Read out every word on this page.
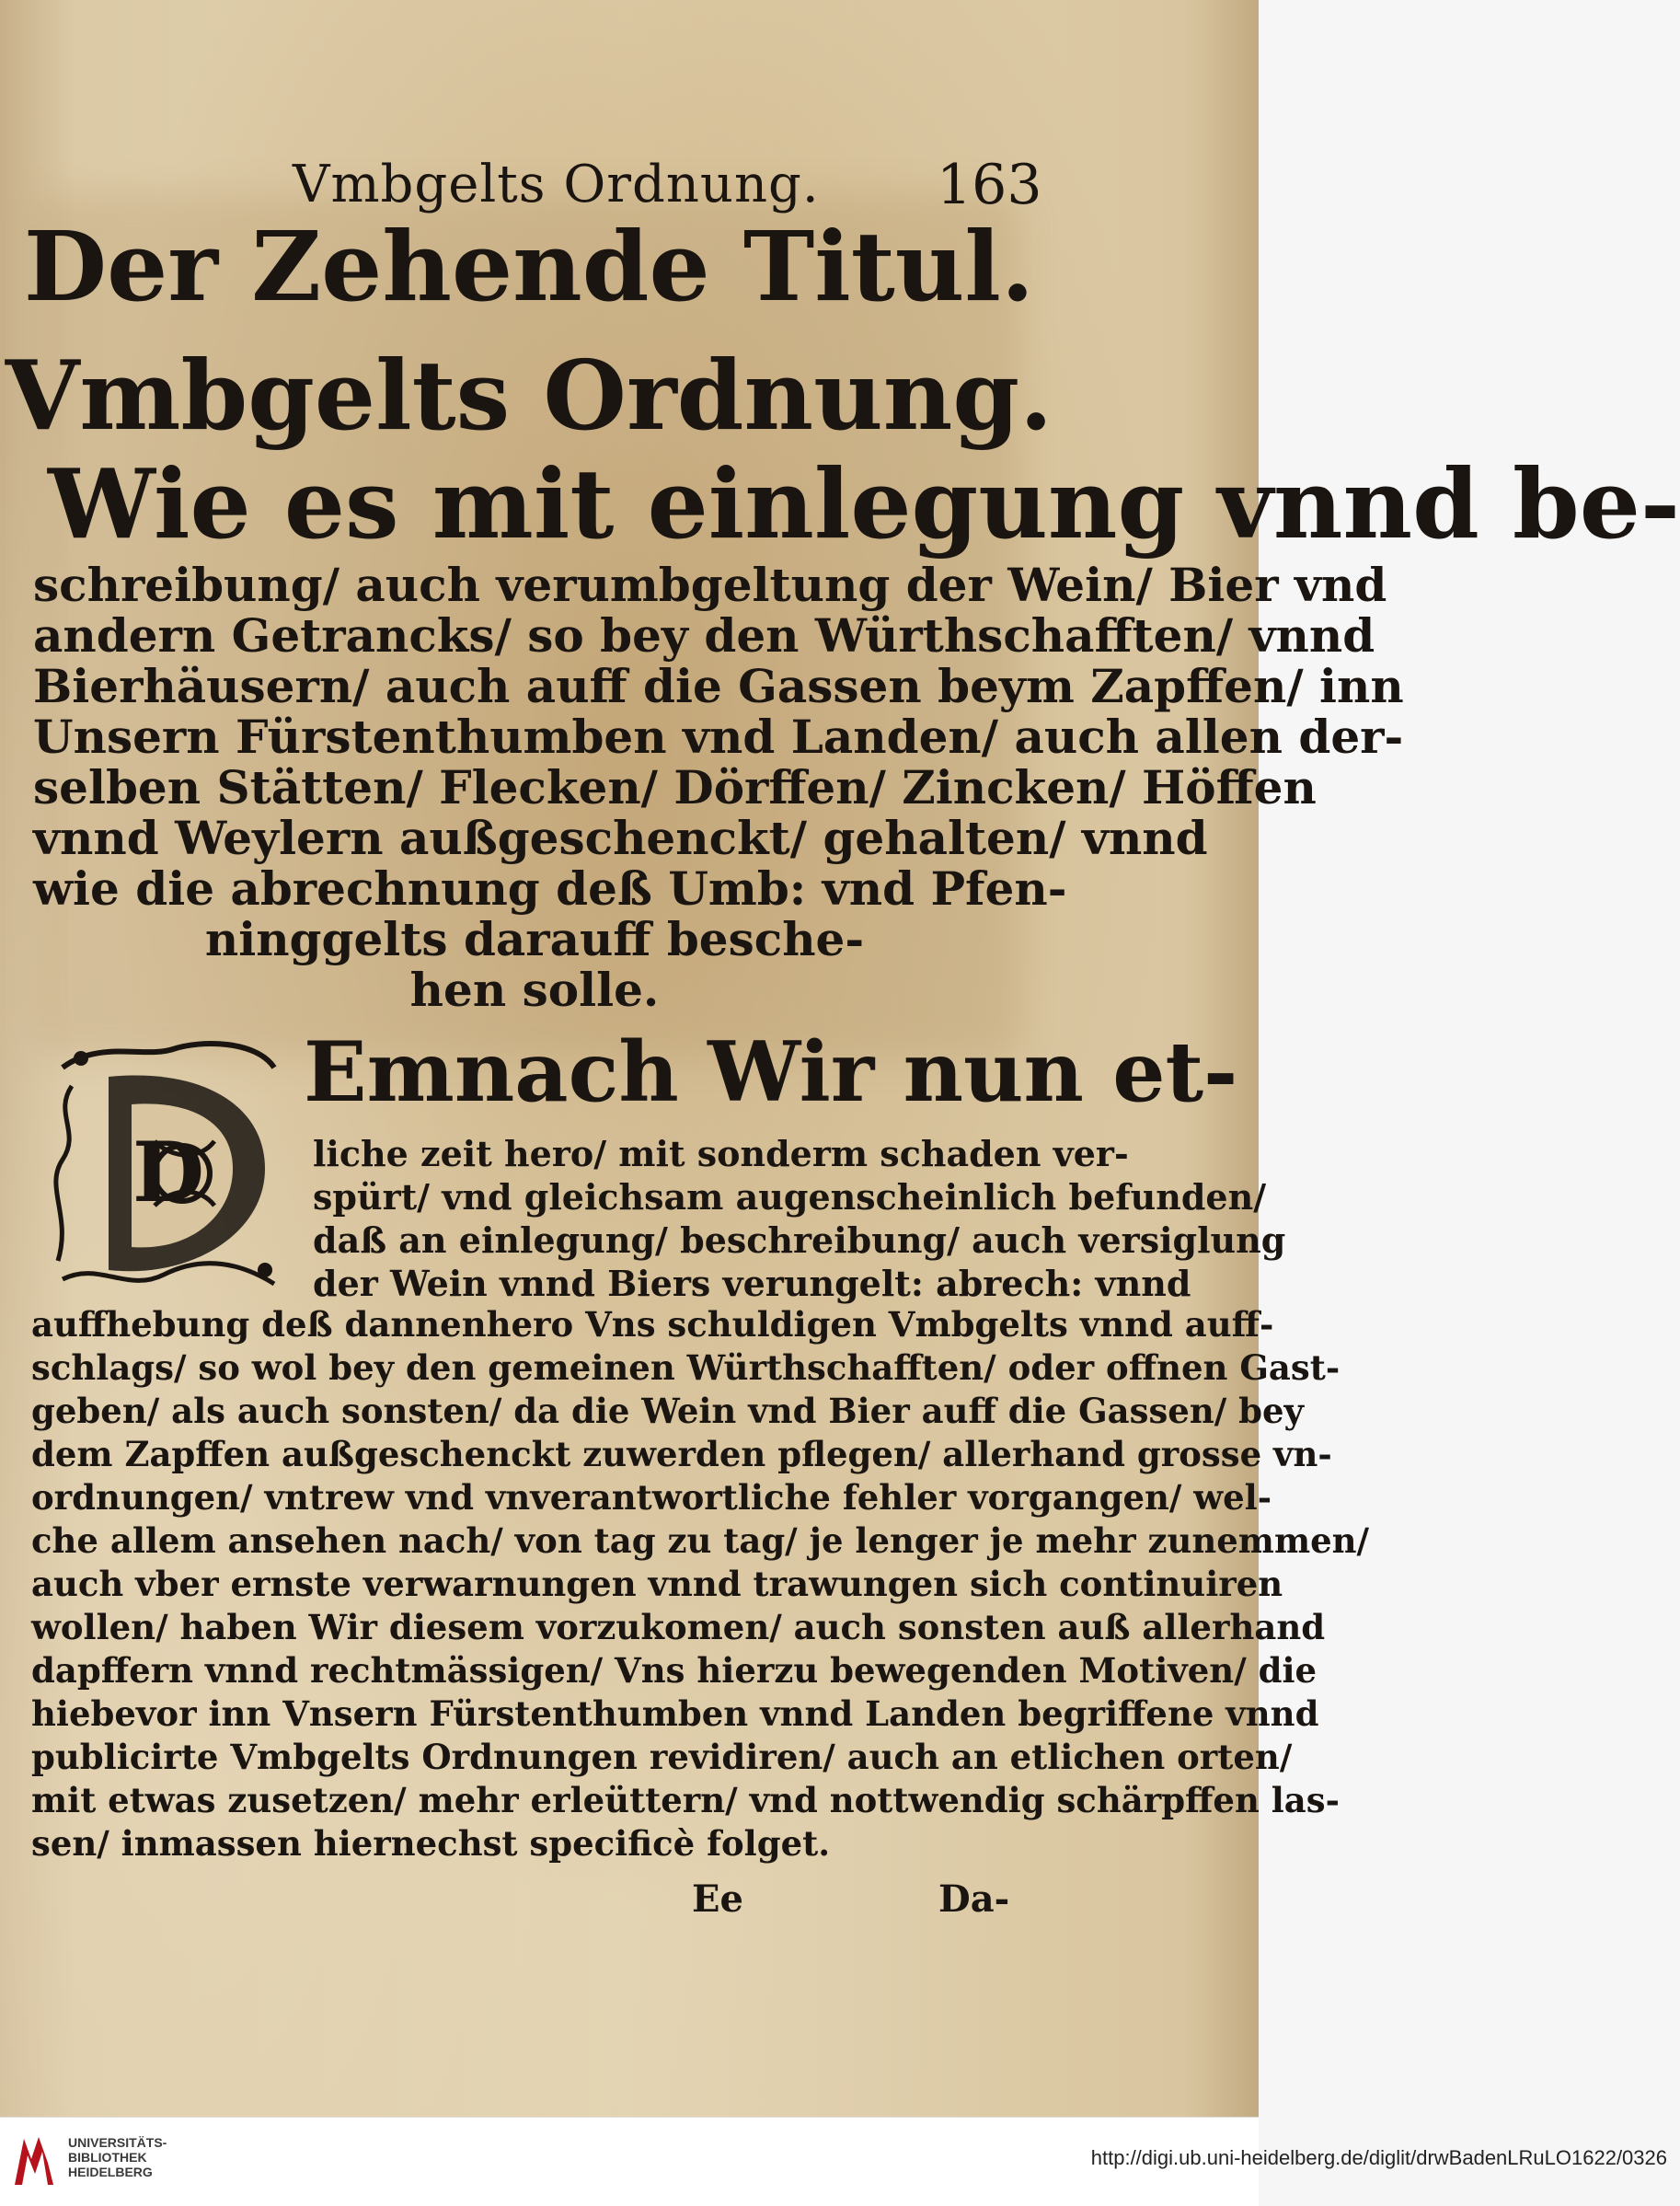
Vmbgelts Ordnung. 163
Der Zehende Titul.
Vmbgelts Ordnung.
Wie es mit einlegung vnnd be-
schreibung/ auch verumbgeltung der Wein/ Bier vnd
andern Getrancks/ so bey den Würthschafften/ vnnd
Bierhäusern/ auch auff die Gassen beym Zapffen/ inn
Unsern Fürstenthumben vnd Landen/ auch allen der-
selben Stätten/ Flecken/ Dörffen/ Zincken/ Höffen
vnnd Weylern außgeschenckt/ gehalten/ vnnd
wie die abrechnung deß Umb: vnd Pfen-
ninggelts darauff besche-
hen solle.
D
Emnach Wir nun et-
liche zeit hero/ mit sonderm schaden ver-
spürt/ vnd gleichsam augenscheinlich befunden/
daß an einlegung/ beschreibung/ auch versiglung
der Wein vnnd Biers verungelt: abrech: vnnd
auffhebung deß dannenhero Vns schuldigen Vmbgelts vnnd auff-
schlags/ so wol bey den gemeinen Würthschafften/ oder offnen Gast-
geben/ als auch sonsten/ da die Wein vnd Bier auff die Gassen/ bey
dem Zapffen außgeschenckt zuwerden pflegen/ allerhand grosse vn-
ordnungen/ vntrew vnd vnverantwortliche fehler vorgangen/ wel-
che allem ansehen nach/ von tag zu tag/ je lenger je mehr zunemmen/
auch vber ernste verwarnungen vnnd trawungen sich continuiren
wollen/ haben Wir diesem vorzukomen/ auch sonsten auß allerhand
dapffern vnnd rechtmässigen/ Vns hierzu bewegenden Motiven/ die
hiebevor inn Vnsern Fürstenthumben vnnd Landen begriffene vnnd
publicirte Vmbgelts Ordnungen revidiren/ auch an etlichen orten/
mit etwas zusetzen/ mehr erleüttern/ vnd nottwendig schärpffen las-
sen/ inmassen hiernechst specificè folget.
Ee	Da-
UNIVERSITÄTS-
BIBLIOTHEK
HEIDELBERG
http://digi.ub.uni-heidelberg.de/diglit/drwBadenLRuLO1622/0326
